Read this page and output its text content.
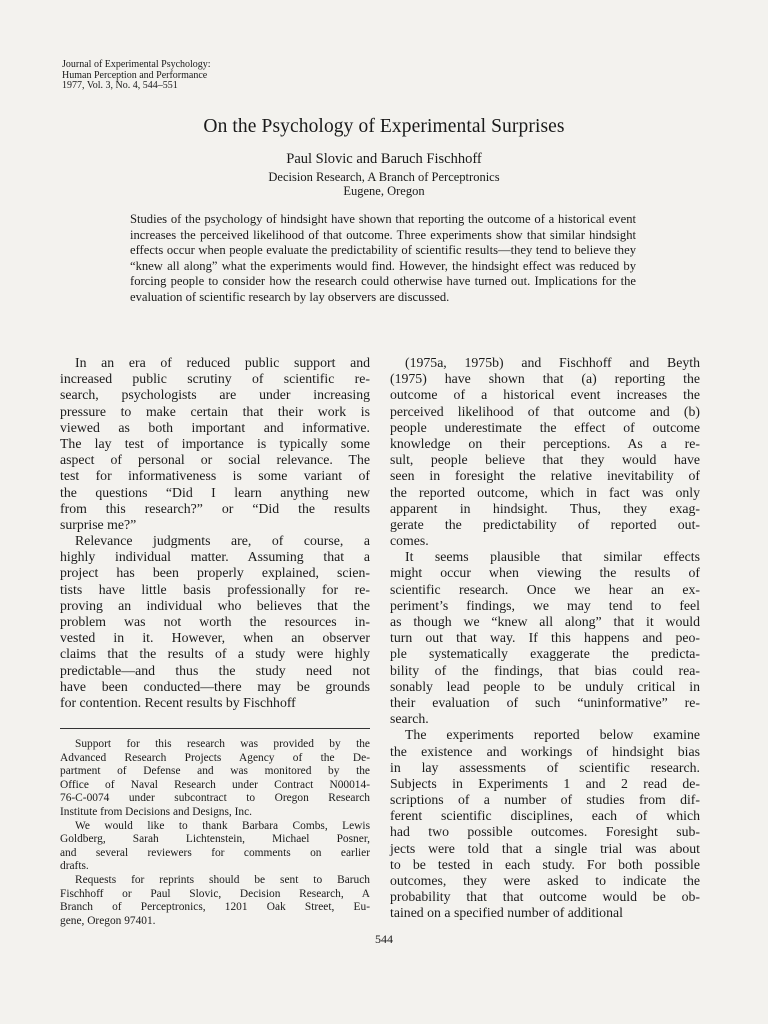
Journal of Experimental Psychology:
Human Perception and Performance
1977, Vol. 3, No. 4, 544–551
On the Psychology of Experimental Surprises
Paul Slovic and Baruch Fischhoff
Decision Research, A Branch of Perceptronics
Eugene, Oregon
Studies of the psychology of hindsight have shown that reporting the outcome of a historical event increases the perceived likelihood of that outcome. Three experiments show that similar hindsight effects occur when people evaluate the predictability of scientific results—they tend to believe they “knew all along” what the experiments would find. However, the hindsight effect was reduced by forcing people to consider how the research could otherwise have turned out. Implications for the evaluation of scientific research by lay observers are discussed.
In an era of reduced public support and
increased public scrutiny of scientific re-
search, psychologists are under increasing
pressure to make certain that their work is
viewed as both important and informative.
The lay test of importance is typically some
aspect of personal or social relevance. The
test for informativeness is some variant of
the questions “Did I learn anything new
from this research?” or “Did the results
surprise me?”
Relevance judgments are, of course, a
highly individual matter. Assuming that a
project has been properly explained, scien-
tists have little basis professionally for re-
proving an individual who believes that the
problem was not worth the resources in-
vested in it. However, when an observer
claims that the results of a study were highly
predictable—and thus the study need not
have been conducted—there may be grounds
for contention. Recent results by Fischhoff
(1975a, 1975b) and Fischhoff and Beyth
(1975) have shown that (a) reporting the
outcome of a historical event increases the
perceived likelihood of that outcome and (b)
people underestimate the effect of outcome
knowledge on their perceptions. As a re-
sult, people believe that they would have
seen in foresight the relative inevitability of
the reported outcome, which in fact was only
apparent in hindsight. Thus, they exag-
gerate the predictability of reported out-
comes.
It seems plausible that similar effects
might occur when viewing the results of
scientific research. Once we hear an ex-
periment’s findings, we may tend to feel
as though we “knew all along” that it would
turn out that way. If this happens and peo-
ple systematically exaggerate the predicta-
bility of the findings, that bias could rea-
sonably lead people to be unduly critical in
their evaluation of such “uninformative” re-
search.
The experiments reported below examine
the existence and workings of hindsight bias
in lay assessments of scientific research.
Subjects in Experiments 1 and 2 read de-
scriptions of a number of studies from dif-
ferent scientific disciplines, each of which
had two possible outcomes. Foresight sub-
jects were told that a single trial was about
to be tested in each study. For both possible
outcomes, they were asked to indicate the
probability that that outcome would be ob-
tained on a specified number of additional
Support for this research was provided by the
Advanced Research Projects Agency of the De-
partment of Defense and was monitored by the
Office of Naval Research under Contract N00014-
76-C-0074 under subcontract to Oregon Research
Institute from Decisions and Designs, Inc.
We would like to thank Barbara Combs, Lewis
Goldberg, Sarah Lichtenstein, Michael Posner,
and several reviewers for comments on earlier
drafts.
Requests for reprints should be sent to Baruch
Fischhoff or Paul Slovic, Decision Research, A
Branch of Perceptronics, 1201 Oak Street, Eu-
gene, Oregon 97401.
544
